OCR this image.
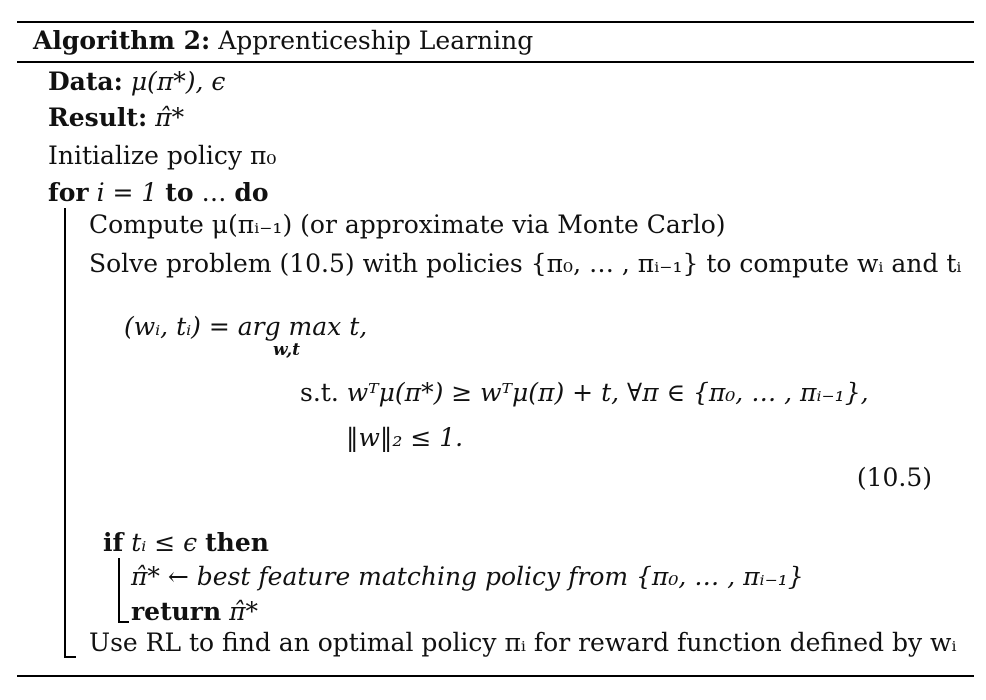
Algorithm 2: Apprenticeship Learning
Data: μ(π*), ϵ
Result: π̂*
Initialize policy π₀
for i = 1 to … do
Compute μ(πᵢ₋₁) (or approximate via Monte Carlo)
Solve problem (10.5) with policies {π₀, … , πᵢ₋₁} to compute wᵢ and tᵢ
(wᵢ, tᵢ) = arg max t,
w,t
s.t. wᵀμ(π*) ≥ wᵀμ(π) + t, ∀π ∈ {π₀, … , πᵢ₋₁},
‖w‖₂ ≤ 1.
(10.5)
if tᵢ ≤ ϵ then
π̂* ← best feature matching policy from {π₀, … , πᵢ₋₁}
return π̂*
Use RL to find an optimal policy πᵢ for reward function defined by wᵢ
